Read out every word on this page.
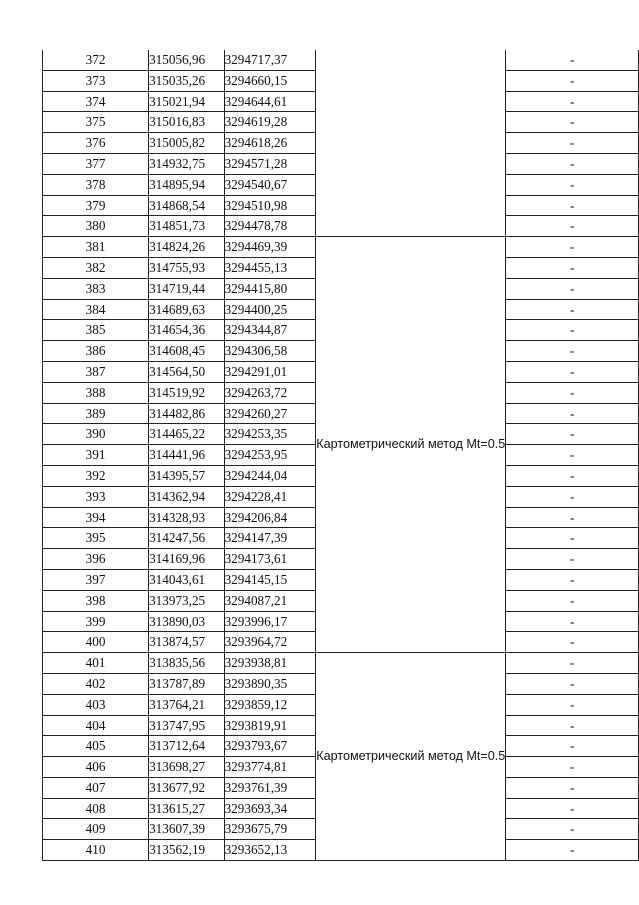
372	315056,96	3294717,37		-
373	315035,26	3294660,15		-
374	315021,94	3294644,61		-
375	315016,83	3294619,28		-
376	315005,82	3294618,26		-
377	314932,75	3294571,28		-
378	314895,94	3294540,67		-
379	314868,54	3294510,98		-
380	314851,73	3294478,78		-
381	314824,26	3294469,39	Картометрический метод Mt=0.5	-
382	314755,93	3294455,13		-
383	314719,44	3294415,80		-
384	314689,63	3294400,25		-
385	314654,36	3294344,87		-
386	314608,45	3294306,58		-
387	314564,50	3294291,01		-
388	314519,92	3294263,72		-
389	314482,86	3294260,27		-
390	314465,22	3294253,35		-
391	314441,96	3294253,95		-
392	314395,57	3294244,04		-
393	314362,94	3294228,41		-
394	314328,93	3294206,84		-
395	314247,56	3294147,39		-
396	314169,96	3294173,61		-
397	314043,61	3294145,15		-
398	313973,25	3294087,21		-
399	313890,03	3293996,17		-
400	313874,57	3293964,72		-
401	313835,56	3293938,81	Картометрический метод Mt=0.5	-
402	313787,89	3293890,35		-
403	313764,21	3293859,12		-
404	313747,95	3293819,91		-
405	313712,64	3293793,67		-
406	313698,27	3293774,81		-
407	313677,92	3293761,39		-
408	313615,27	3293693,34		-
409	313607,39	3293675,79		-
410	313562,19	3293652,13		-
